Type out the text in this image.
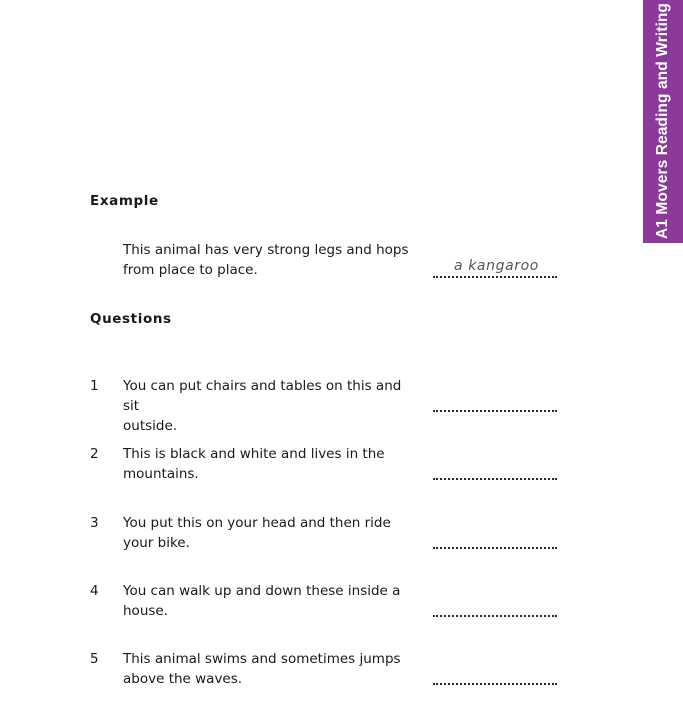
A1 Movers Reading and Writing
Example
This animal has very strong legs and hops
from place to place.	a kangaroo
Questions
1 You can put chairs and tables on this and sit
outside.
2 This is black and white and lives in the
mountains.
3 You put this on your head and then ride
your bike.
4 You can walk up and down these inside a
house.
5 This animal swims and sometimes jumps
above the waves.
